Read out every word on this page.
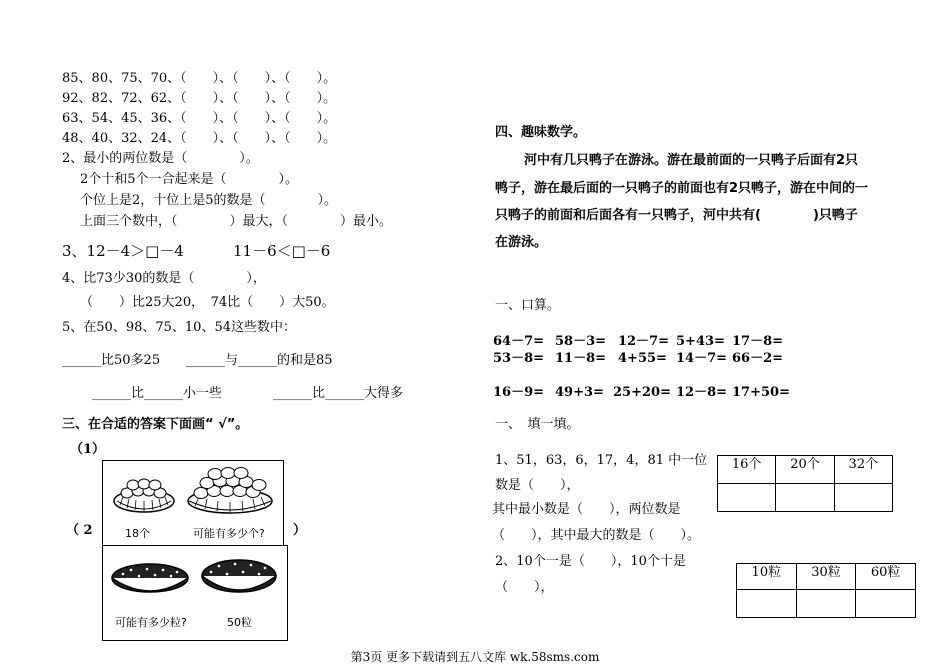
85、80、75、70、（　　）、（　　）、（　　）。
92、82、72、62、（　　）、（　　）、（　　）。
63、54、45、36、（　　）、（　　）、（　　）。
48、40、32、24、（　　）、（　　）、（　　）。
2、最小的两位数是（　　　　）。
2个十和5个一合起来是（　　　　）。
个位上是2，十位上是5的数是（　　　　）。
上面三个数中，（　　　　）最大，（　　　　）最小。
3、12－4＞□－4	11－6＜□－6
4、比73少30的数是（　　　　），
（　　）比25大20，　74比（　　）大50。
5、在50、98、75、10、54这些数中：
______比50多25 ______与______的和是85
______比______小一些	______比______大得多
三、在合适的答案下面画“ √”。
（1）
（ 2	）
18个	可能有多少个?
可能有多少粒?	50粒
四、趣味数学。
河中有几只鸭子在游泳。游在最前面的一只鸭子后面有2只
鸭子，游在最后面的一只鸭子的前面也有2只鸭子，游在中间的一
只鸭子的前面和后面各有一只鸭子，河中共有(　　　　)只鸭子
在游泳。
一、口算。
64－7= 58－3= 12－7= 5+43= 17－8=
53－8= 11－8= 4+55= 14－7= 66－2=
16－9= 49+3= 25+20= 12－8= 17+50=
一、　填一填。
1、51，63，6，17，4，81 中一位
数是（　　），
其中最小数是（　　），两位数是
（　　），其中最大的数是（　　）。
2、10个一是（　　），10个十是
（　　），
16个	20个	32个

10粒	30粒	60粒

第3页 更多下载请到五八文库 wk.58sms.com
